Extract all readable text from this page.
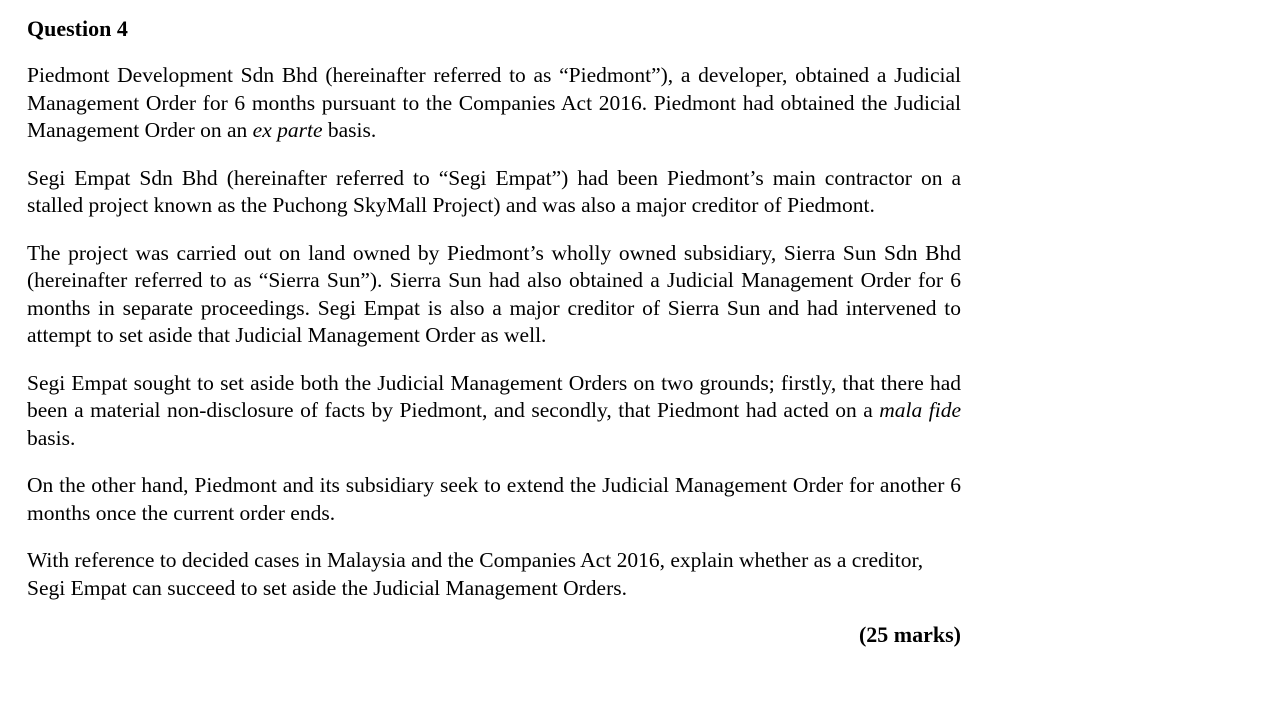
Question 4

Piedmont Development Sdn Bhd (hereinafter referred to as “Piedmont”), a developer, obtained a Judicial Management Order for 6 months pursuant to the Companies Act 2016. Piedmont had obtained the Judicial Management Order on an ex parte basis.

Segi Empat Sdn Bhd (hereinafter referred to “Segi Empat”) had been Piedmont’s main contractor on a stalled project known as the Puchong SkyMall Project) and was also a major creditor of Piedmont.

The project was carried out on land owned by Piedmont’s wholly owned subsidiary, Sierra Sun Sdn Bhd (hereinafter referred to as “Sierra Sun”). Sierra Sun had also obtained a Judicial Management Order for 6 months in separate proceedings. Segi Empat is also a major creditor of Sierra Sun and had intervened to attempt to set aside that Judicial Management Order as well.

Segi Empat sought to set aside both the Judicial Management Orders on two grounds; firstly, that there had been a material non-disclosure of facts by Piedmont, and secondly, that Piedmont had acted on a mala fide basis.

On the other hand, Piedmont and its subsidiary seek to extend the Judicial Management Order for another 6 months once the current order ends.

With reference to decided cases in Malaysia and the Companies Act 2016, explain whether as a creditor, Segi Empat can succeed to set aside the Judicial Management Orders.

(25 marks)
